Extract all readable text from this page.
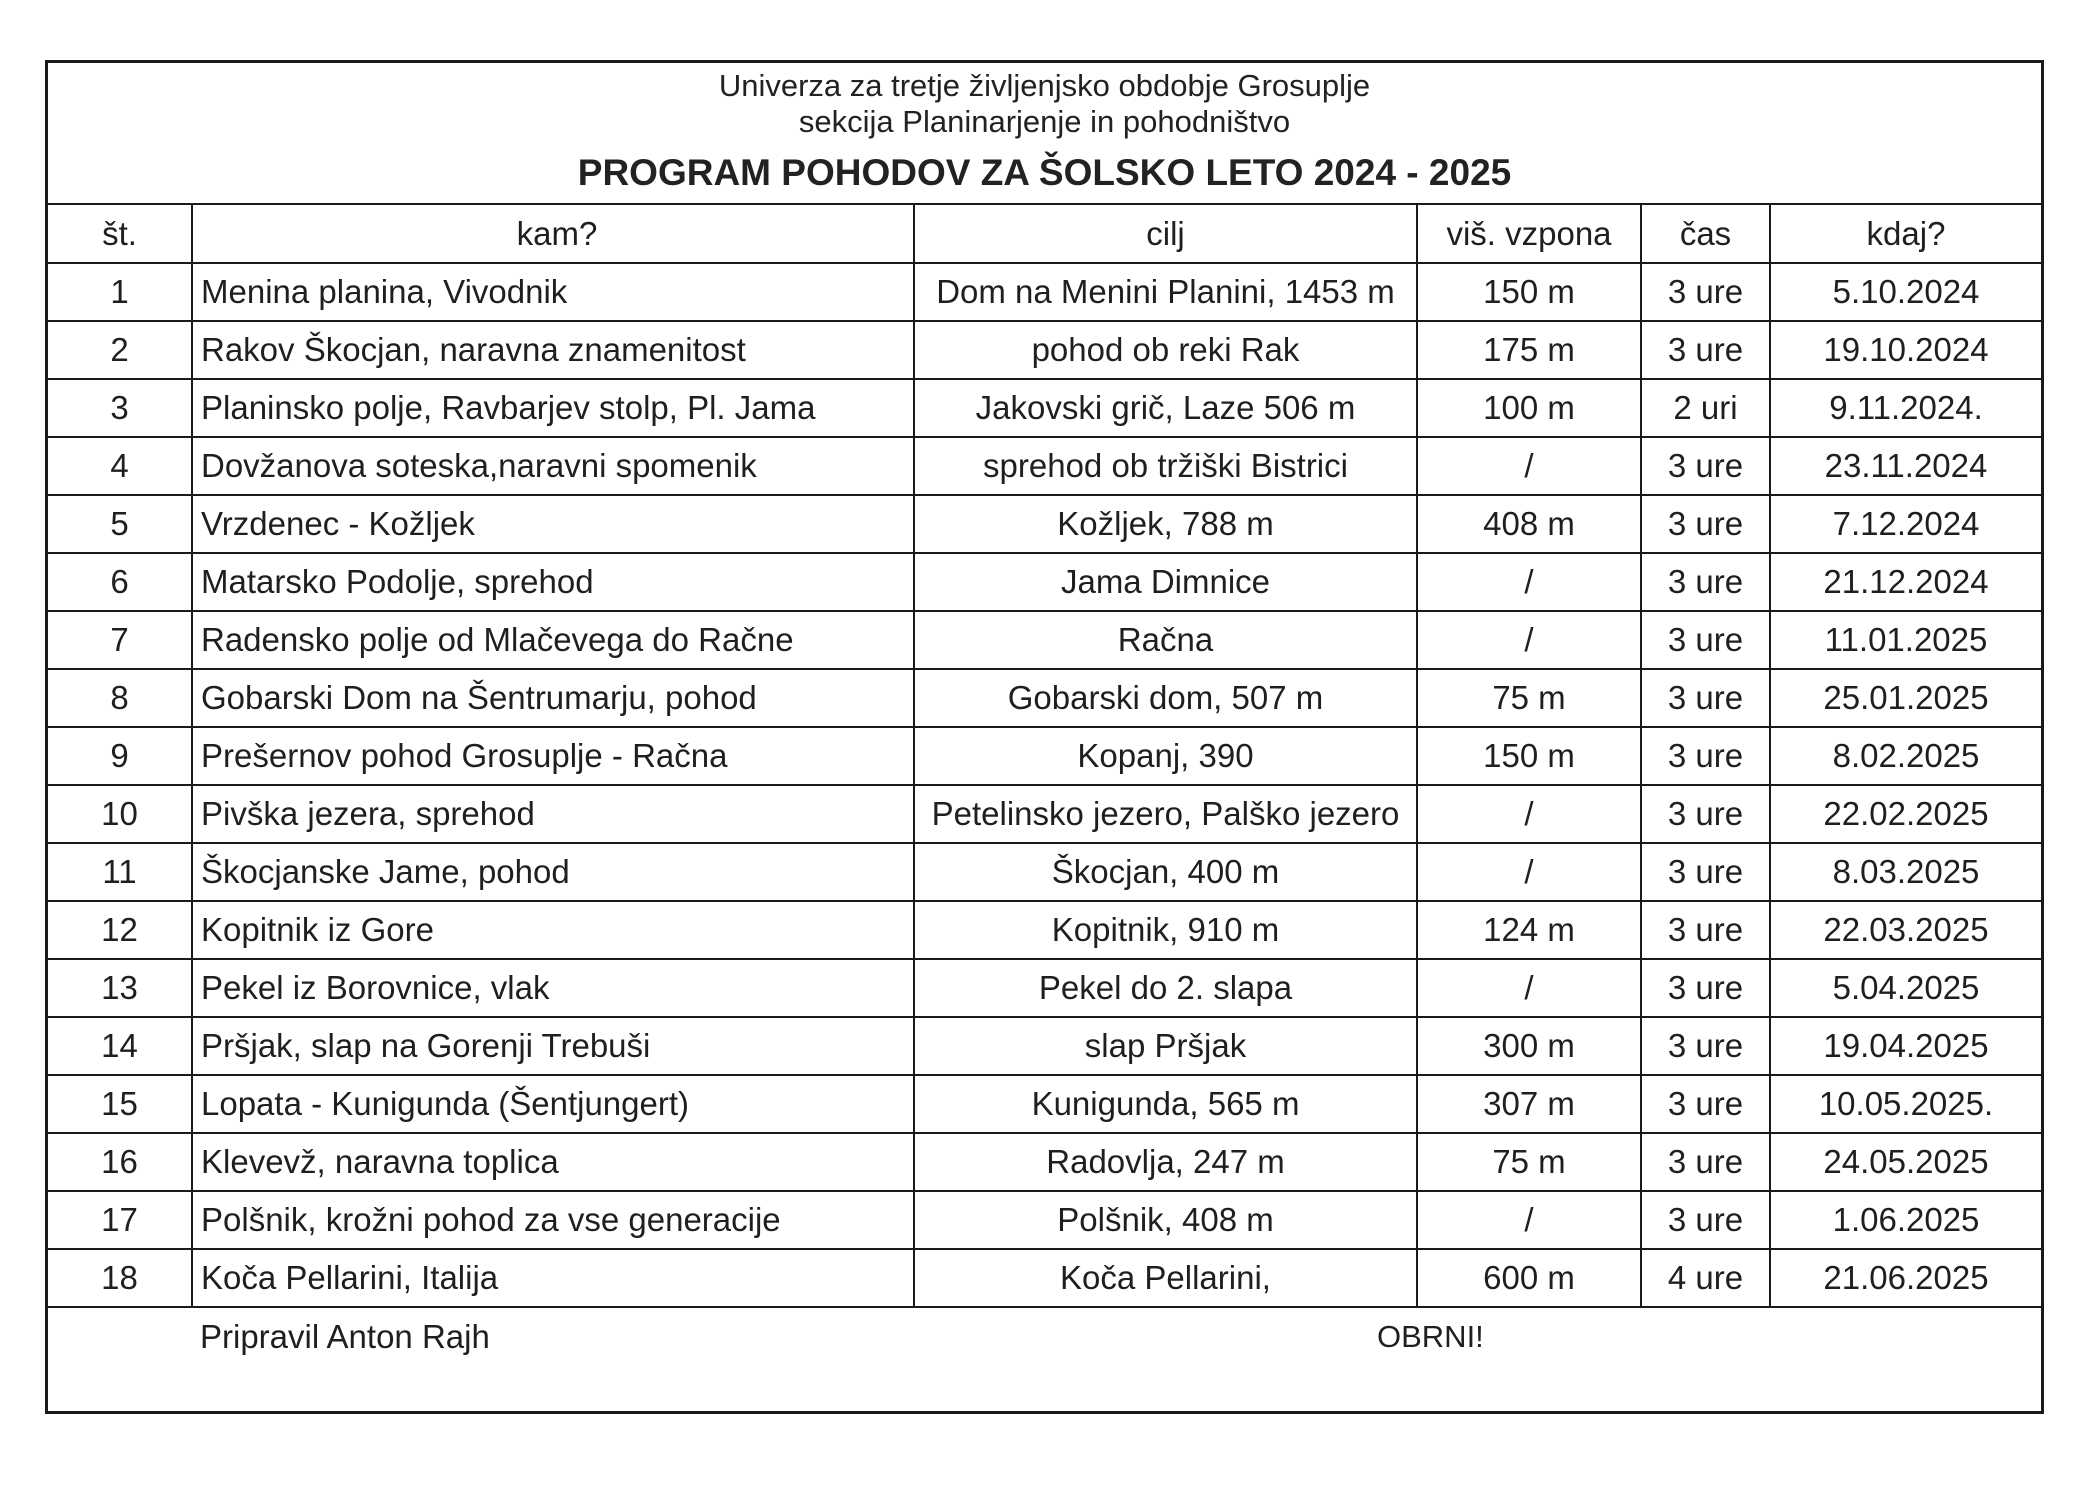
Univerza za tretje življenjsko obdobje Grosuplje
sekcija Planinarjenje in pohodništvo
PROGRAM POHODOV ZA ŠOLSKO LETO 2024 - 2025
št.	kam?	cilj	viš. vzpona	čas	kdaj?
1	Menina planina, Vivodnik	Dom na Menini Planini, 1453 m	150 m	3 ure	5.10.2024
2	Rakov Škocjan, naravna znamenitost	pohod ob reki Rak	175 m	3 ure	19.10.2024
3	Planinsko polje, Ravbarjev stolp, Pl. Jama	Jakovski grič, Laze 506 m	100 m	2 uri	9.11.2024.
4	Dovžanova soteska,naravni spomenik	sprehod ob tržiški Bistrici	/	3 ure	23.11.2024
5	Vrzdenec - Kožljek	Kožljek, 788 m	408 m	3 ure	7.12.2024
6	Matarsko Podolje, sprehod	Jama Dimnice	/	3 ure	21.12.2024
7	Radensko polje od Mlačevega do Račne	Račna	/	3 ure	11.01.2025
8	Gobarski Dom na Šentrumarju, pohod	Gobarski dom, 507 m	75 m	3 ure	25.01.2025
9	Prešernov pohod Grosuplje - Račna	Kopanj, 390	150 m	3 ure	8.02.2025
10	Pivška jezera, sprehod	Petelinsko jezero, Palško jezero	/	3 ure	22.02.2025
11	Škocjanske Jame, pohod	Škocjan, 400 m	/	3 ure	8.03.2025
12	Kopitnik iz Gore	Kopitnik, 910 m	124 m	3 ure	22.03.2025
13	Pekel iz Borovnice, vlak	Pekel do 2. slapa	/	3 ure	5.04.2025
14	Pršjak, slap na Gorenji Trebuši	slap Pršjak	300 m	3 ure	19.04.2025
15	Lopata - Kunigunda (Šentjungert)	Kunigunda, 565 m	307 m	3 ure	10.05.2025.
16	Klevevž, naravna toplica	Radovlja, 247 m	75 m	3 ure	24.05.2025
17	Polšnik, krožni pohod za vse generacije	Polšnik, 408 m	/	3 ure	1.06.2025
18	Koča Pellarini, Italija	Koča Pellarini,	600 m	4 ure	21.06.2025
Pripravil Anton Rajh			OBRNI!		
